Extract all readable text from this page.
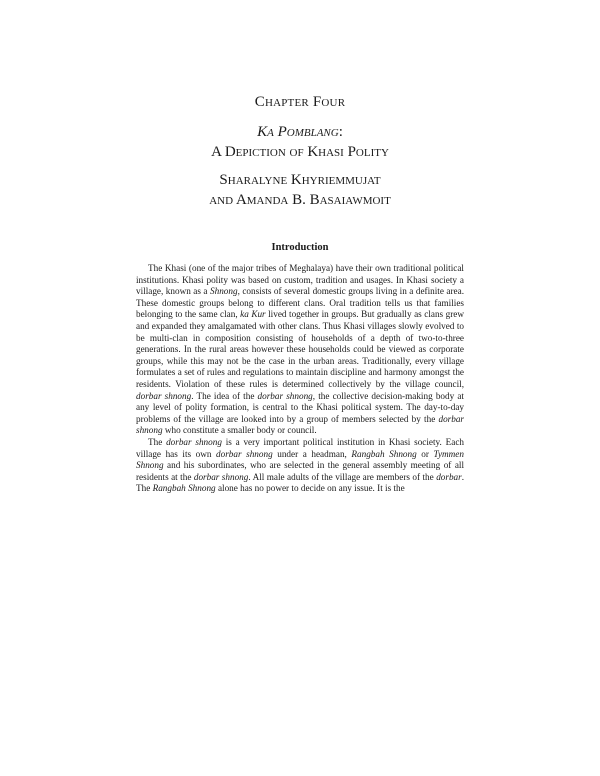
Chapter Four
Ka Pomblang:
A Depiction of Khasi Polity
Sharalyne Khyriemmujat
and Amanda B. Basaiawmoit
Introduction

The Khasi (one of the major tribes of Meghalaya) have their own traditional political institutions. Khasi polity was based on custom, tradition and usages. In Khasi society a village, known as a Shnong, consists of several domestic groups living in a definite area. These domestic groups belong to different clans. Oral tradition tells us that families belonging to the same clan, ka Kur lived together in groups. But gradually as clans grew and expanded they amalgamated with other clans. Thus Khasi villages slowly evolved to be multi-clan in composition consisting of households of a depth of two-to-three generations. In the rural areas however these households could be viewed as corporate groups, while this may not be the case in the urban areas. Traditionally, every village formulates a set of rules and regulations to maintain discipline and harmony amongst the residents. Violation of these rules is determined collectively by the village council, dorbar shnong. The idea of the dorbar shnong, the collective decision-making body at any level of polity formation, is central to the Khasi political system. The day-to-day problems of the village are looked into by a group of members selected by the dorbar shnong who constitute a smaller body or council.

The dorbar shnong is a very important political institution in Khasi society. Each village has its own dorbar shnong under a headman, Rangbah Shnong or Tymmen Shnong and his subordinates, who are selected in the general assembly meeting of all residents at the dorbar shnong. All male adults of the village are members of the dorbar. The Rangbah Shnong alone has no power to decide on any issue. It is the
